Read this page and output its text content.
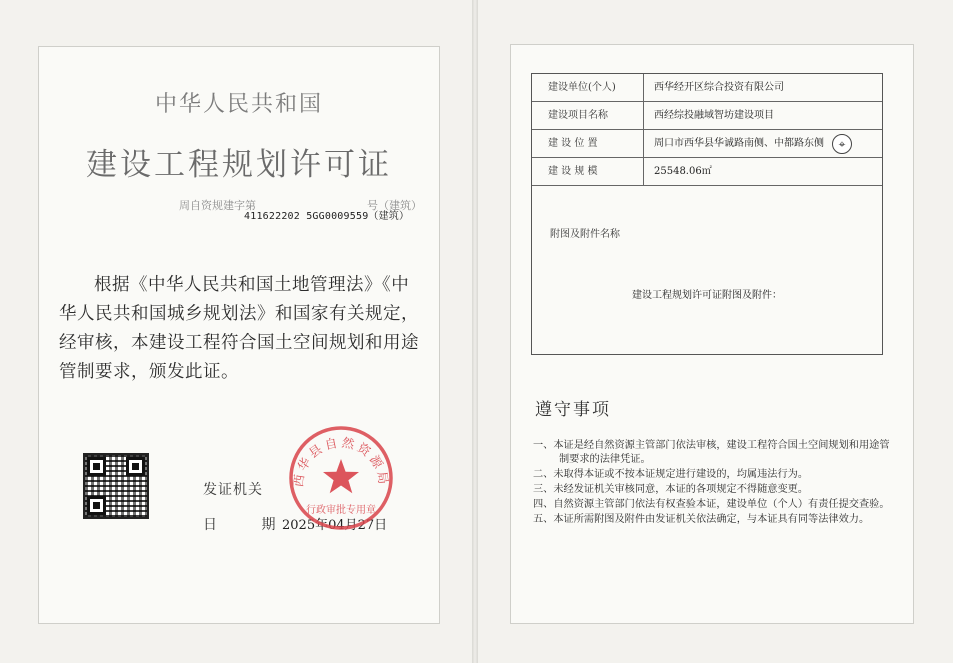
中华人民共和国
建设工程规划许可证
周自资规建字第	号（建筑）
411622202 5GG0009559（建筑）
根据《中华人民共和国土地管理法》《中华人民共和国城乡规划法》和国家有关规定，经审核，本建设工程符合国土空间规划和用途管制要求，颁发此证。
发证机关
日 期
2025年04月27日
西华县自然资源局
行政审批专用章
建设单位(个人)	西华经开区综合投资有限公司
建设项目名称	西经综投融域智坊建设项目
建 设 位 置	周口市西华县华诚路南侧、中都路东侧	⌖
建 设 规 模	25548.06㎡
附图及附件名称
建设工程规划许可证附图及附件：
遵守事项
一、本证是经自然资源主管部门依法审核，建设工程符合国土空间规划和用途管制要求的法律凭证。
二、未取得本证或不按本证规定进行建设的，均属违法行为。
三、未经发证机关审核同意，本证的各项规定不得随意变更。
四、自然资源主管部门依法有权查验本证，建设单位（个人）有责任提交查验。
五、本证所需附图及附件由发证机关依法确定，与本证具有同等法律效力。
